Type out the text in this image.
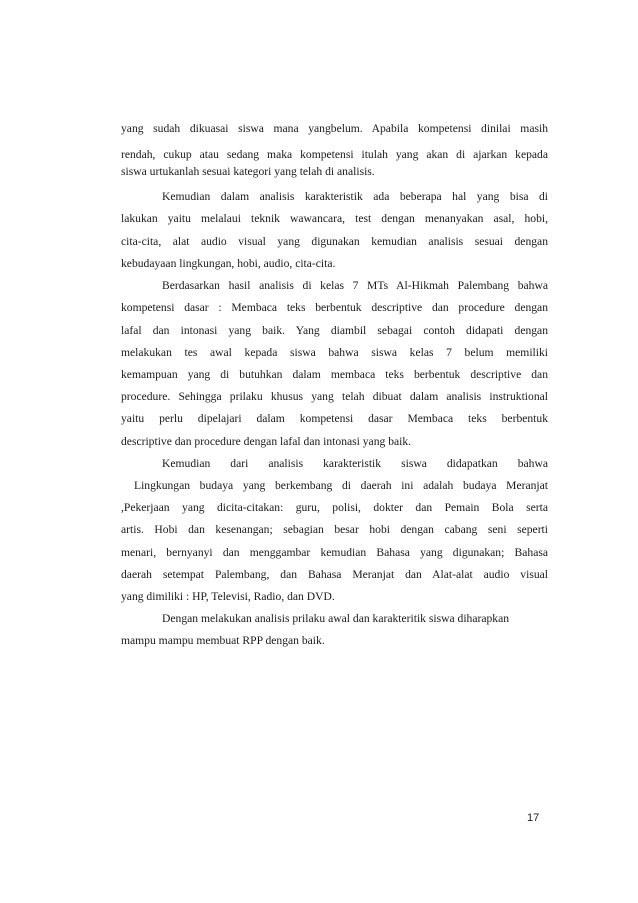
yang sudah dikuasai siswa mana yangbelum. Apabila kompetensi dinilai masih
rendah, cukup atau sedang maka kompetensi itulah yang akan di ajarkan kepada
siswa urtukanlah sesuai kategori yang telah di analisis.
Kemudian dalam analisis karakteristik ada beberapa hal yang bisa di
lakukan yaitu melalaui teknik wawancara, test dengan menanyakan asal, hobi,
cita-cita, alat audio visual yang digunakan kemudian analisis sesuai dengan
kebudayaan lingkungan, hobi, audio, cita-cita.
Berdasarkan hasil analisis di kelas 7 MTs Al-Hikmah Palembang bahwa
kompetensi dasar : Membaca teks berbentuk descriptive dan procedure dengan
lafal dan intonasi yang baik. Yang diambil sebagai contoh didapati dengan
melakukan tes awal kepada siswa bahwa siswa kelas 7 belum memiliki
kemampuan yang di butuhkan dalam membaca teks berbentuk descriptive dan
procedure. Sehingga prilaku khusus yang telah dibuat dalam analisis instruktional
yaitu perlu dipelajari dalam kompetensi dasar Membaca teks berbentuk
descriptive dan procedure dengan lafal dan intonasi yang baik.
Kemudian dari analisis karakteristik siswa didapatkan bahwa
Lingkungan budaya yang berkembang di daerah ini adalah budaya Meranjat
,Pekerjaan yang dicita-citakan: guru, polisi, dokter dan Pemain Bola serta
artis. Hobi dan kesenangan; sebagian besar hobi dengan cabang seni seperti
menari, bernyanyi dan menggambar kemudian Bahasa yang digunakan; Bahasa
daerah setempat Palembang, dan Bahasa Meranjat dan Alat-alat audio visual
yang dimiliki : HP, Televisi, Radio, dan DVD.
Dengan melakukan analisis prilaku awal dan karakteritik siswa diharapkan
mampu mampu membuat RPP dengan baik.
17
